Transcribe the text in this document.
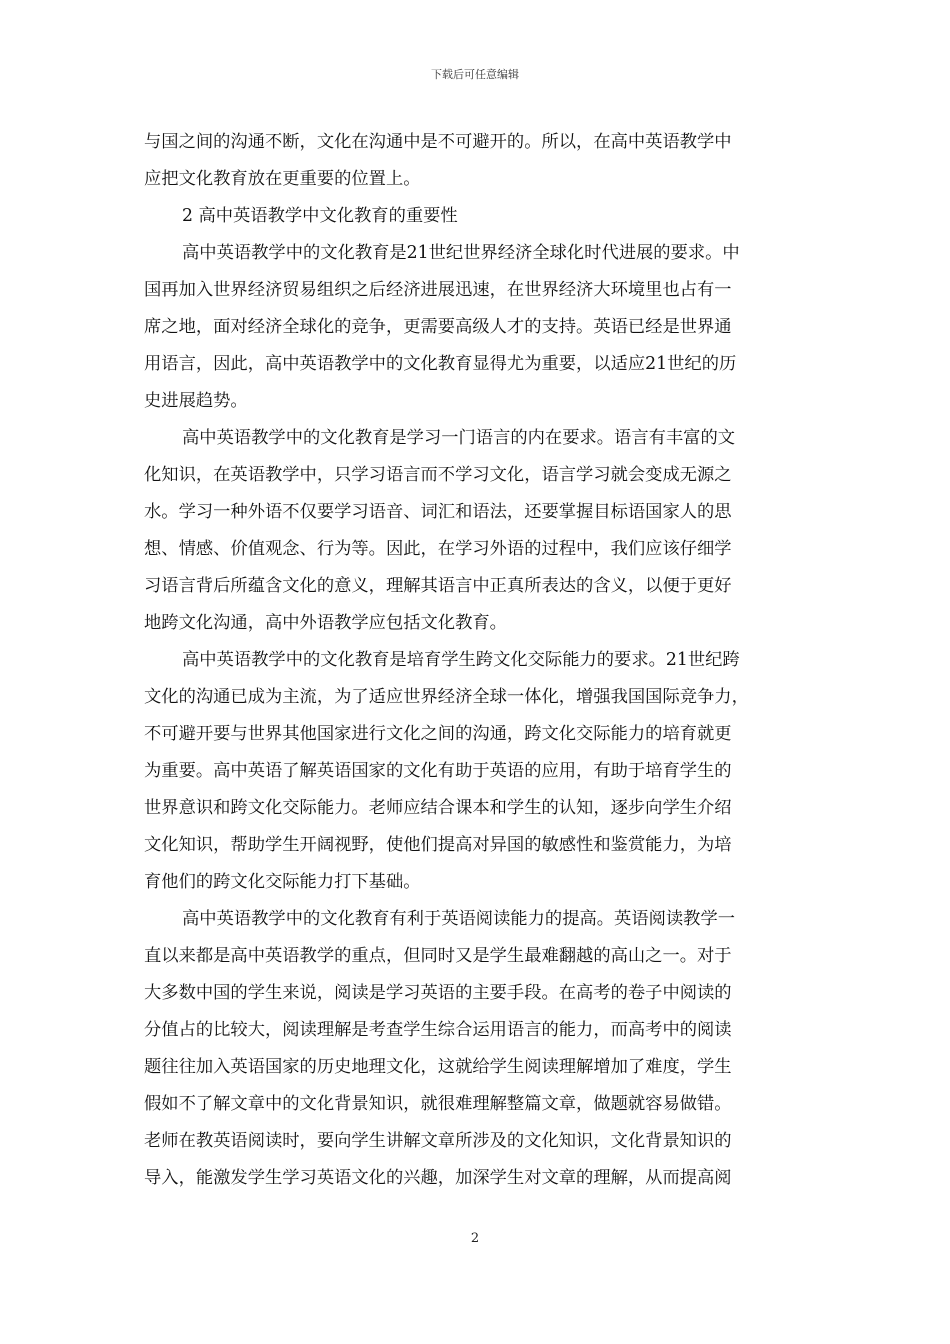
下载后可任意编辑
与国之间的沟通不断，文化在沟通中是不可避开的。所以，在高中英语教学中
应把文化教育放在更重要的位置上。
2 高中英语教学中文化教育的重要性
高中英语教学中的文化教育是21世纪世界经济全球化时代进展的要求。中
国再加入世界经济贸易组织之后经济进展迅速，在世界经济大环境里也占有一
席之地，面对经济全球化的竞争，更需要高级人才的支持。英语已经是世界通
用语言，因此，高中英语教学中的文化教育显得尤为重要，以适应21世纪的历
史进展趋势。
高中英语教学中的文化教育是学习一门语言的内在要求。语言有丰富的文
化知识，在英语教学中，只学习语言而不学习文化，语言学习就会变成无源之
水。学习一种外语不仅要学习语音、词汇和语法，还要掌握目标语国家人的思
想、情感、价值观念、行为等。因此，在学习外语的过程中，我们应该仔细学
习语言背后所蕴含文化的意义，理解其语言中正真所表达的含义，以便于更好
地跨文化沟通，高中外语教学应包括文化教育。
高中英语教学中的文化教育是培育学生跨文化交际能力的要求。21世纪跨
文化的沟通已成为主流，为了适应世界经济全球一体化，增强我国国际竞争力，
不可避开要与世界其他国家进行文化之间的沟通，跨文化交际能力的培育就更
为重要。高中英语了解英语国家的文化有助于英语的应用，有助于培育学生的
世界意识和跨文化交际能力。老师应结合课本和学生的认知，逐步向学生介绍
文化知识，帮助学生开阔视野，使他们提高对异国的敏感性和鉴赏能力，为培
育他们的跨文化交际能力打下基础。
高中英语教学中的文化教育有利于英语阅读能力的提高。英语阅读教学一
直以来都是高中英语教学的重点，但同时又是学生最难翻越的高山之一。对于
大多数中国的学生来说，阅读是学习英语的主要手段。在高考的卷子中阅读的
分值占的比较大，阅读理解是考查学生综合运用语言的能力，而高考中的阅读
题往往加入英语国家的历史地理文化，这就给学生阅读理解增加了难度，学生
假如不了解文章中的文化背景知识，就很难理解整篇文章，做题就容易做错。
老师在教英语阅读时，要向学生讲解文章所涉及的文化知识，文化背景知识的
导入，能激发学生学习英语文化的兴趣，加深学生对文章的理解，从而提高阅
2
